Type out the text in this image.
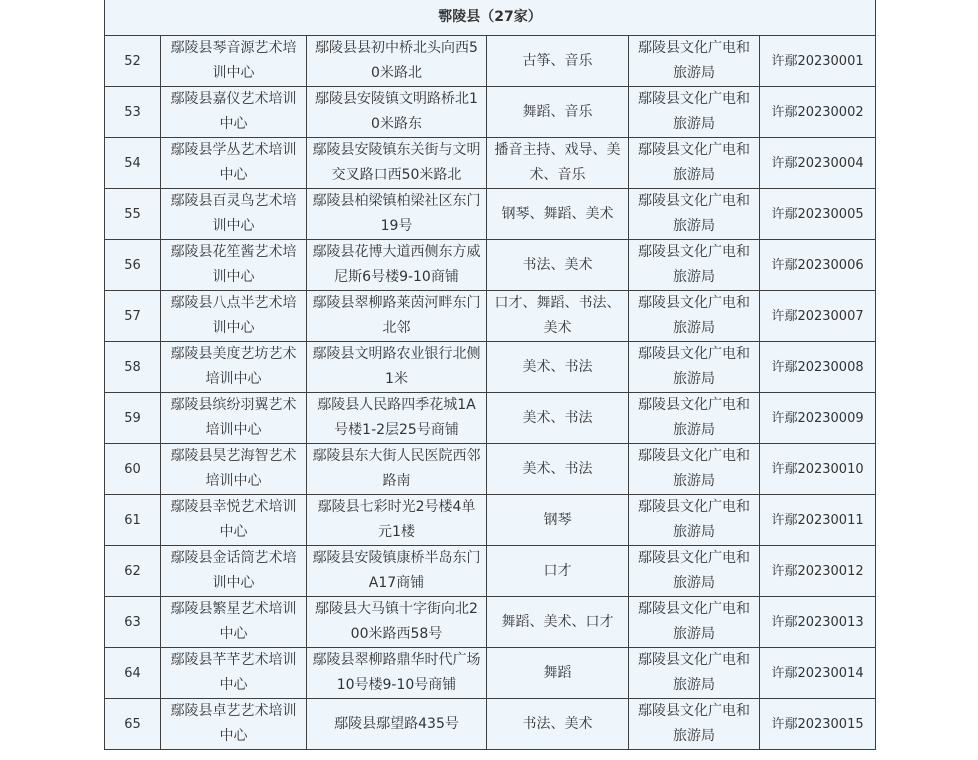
鄠陵县（27家）					
52	鄢陵县琴音源艺术培训中心	鄢陵县县初中桥北头向西50米路北	古筝、音乐	鄢陵县文化广电和旅游局	许鄢20230001
53	鄢陵县嘉仪艺术培训中心	鄢陵县安陵镇文明路桥北10米路东	舞蹈、音乐	鄢陵县文化广电和旅游局	许鄢20230002
54	鄢陵县学丛艺术培训中心	鄢陵县安陵镇东关街与文明交叉路口西50米路北	播音主持、戏导、美术、音乐	鄢陵县文化广电和旅游局	许鄢20230004
55	鄢陵县百灵鸟艺术培训中心	鄢陵县柏梁镇柏梁社区东门19号	钢琴、舞蹈、美术	鄢陵县文化广电和旅游局	许鄢20230005
56	鄢陵县花笙酱艺术培训中心	鄢陵县花博大道西侧东方威尼斯6号楼9-10商铺	书法、美术	鄢陵县文化广电和旅游局	许鄢20230006
57	鄢陵县八点半艺术培训中心	鄢陵县翠柳路莱茵河畔东门北邻	口才、舞蹈、书法、美术	鄢陵县文化广电和旅游局	许鄢20230007
58	鄢陵县美度艺坊艺术培训中心	鄢陵县文明路农业银行北侧1米	美术、书法	鄢陵县文化广电和旅游局	许鄢20230008
59	鄢陵县缤纷羽翼艺术培训中心	鄢陵县人民路四季花城1A号楼1-2层25号商铺	美术、书法	鄢陵县文化广电和旅游局	许鄢20230009
60	鄢陵县昊艺海智艺术培训中心	鄢陵县东大街人民医院西邻路南	美术、书法	鄢陵县文化广电和旅游局	许鄢20230010
61	鄢陵县幸悦艺术培训中心	鄢陵县七彩时光2号楼4单元1楼	钢琴	鄢陵县文化广电和旅游局	许鄢20230011
62	鄢陵县金话筒艺术培训中心	鄢陵县安陵镇康桥半岛东门A17商铺	口才	鄢陵县文化广电和旅游局	许鄢20230012
63	鄢陵县繁星艺术培训中心	鄢陵县大马镇十字街向北200米路西58号	舞蹈、美术、口才	鄢陵县文化广电和旅游局	许鄢20230013
64	鄢陵县芊芊艺术培训中心	鄢陵县翠柳路鼎华时代广场10号楼9-10号商铺	舞蹈	鄢陵县文化广电和旅游局	许鄢20230014
65	鄢陵县卓艺艺术培训中心	鄢陵县鄢望路435号	书法、美术	鄢陵县文化广电和旅游局	许鄢20230015
